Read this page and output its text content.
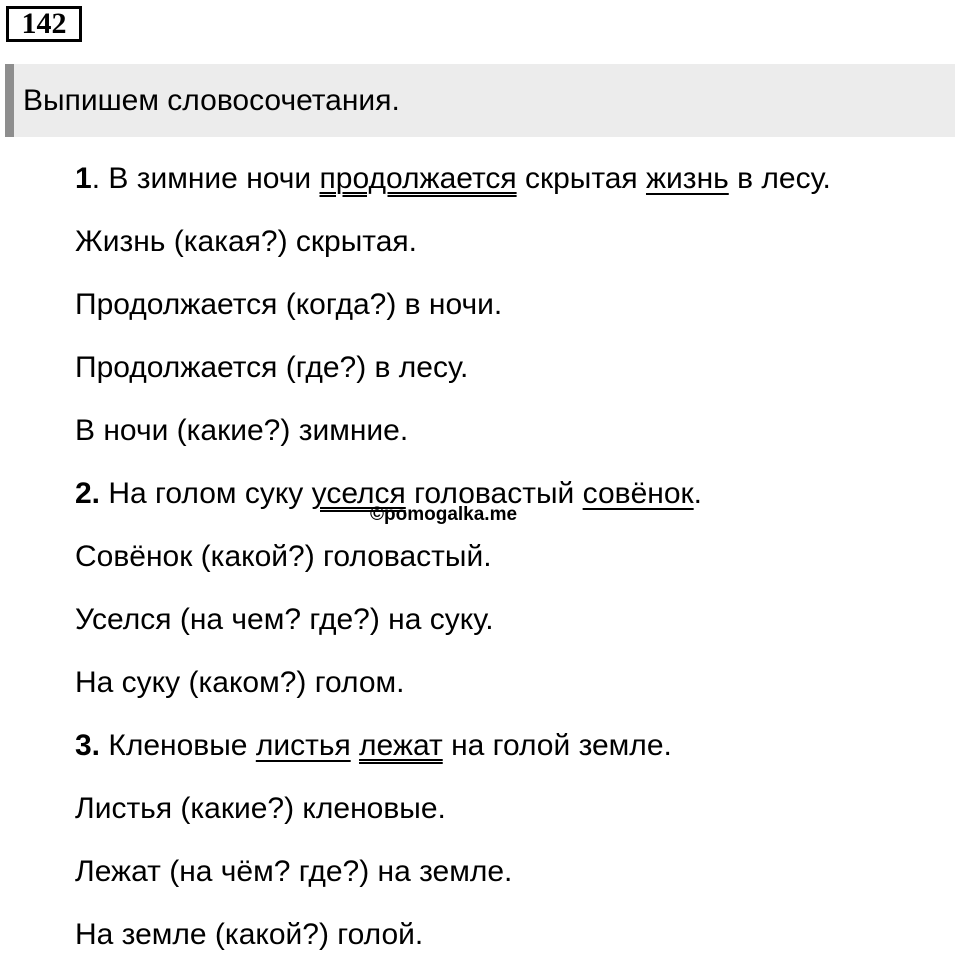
142
Выпишем словосочетания.
1. В зимние ночи продолжается скрытая жизнь в лесу.
Жизнь (какая?) скрытая.
Продолжается (когда?) в ночи.
Продолжается (где?) в лесу.
В ночи (какие?) зимние.
2. На голом суку уселся головастый совёнок.
©pomogalka.me
Совёнок (какой?) головастый.
Уселся (на чем? где?) на суку.
На суку (каком?) голом.
3. Кленовые листья лежат на голой земле.
Листья (какие?) кленовые.
Лежат (на чём? где?) на земле.
На земле (какой?) голой.
